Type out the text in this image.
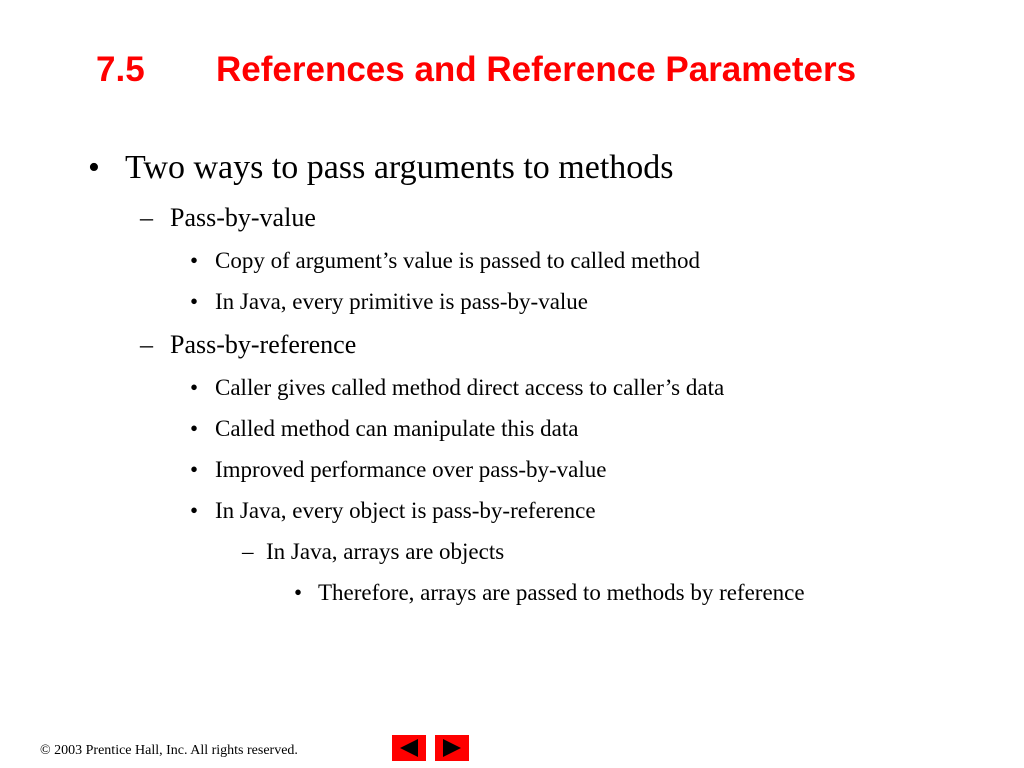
7.5 References and Reference Parameters
• Two ways to pass arguments to methods
– Pass-by-value
• Copy of argument’s value is passed to called method
• In Java, every primitive is pass-by-value
– Pass-by-reference
• Caller gives called method direct access to caller’s data
• Called method can manipulate this data
• Improved performance over pass-by-value
• In Java, every object is pass-by-reference
– In Java, arrays are objects
• Therefore, arrays are passed to methods by reference
© 2003 Prentice Hall, Inc. All rights reserved.
